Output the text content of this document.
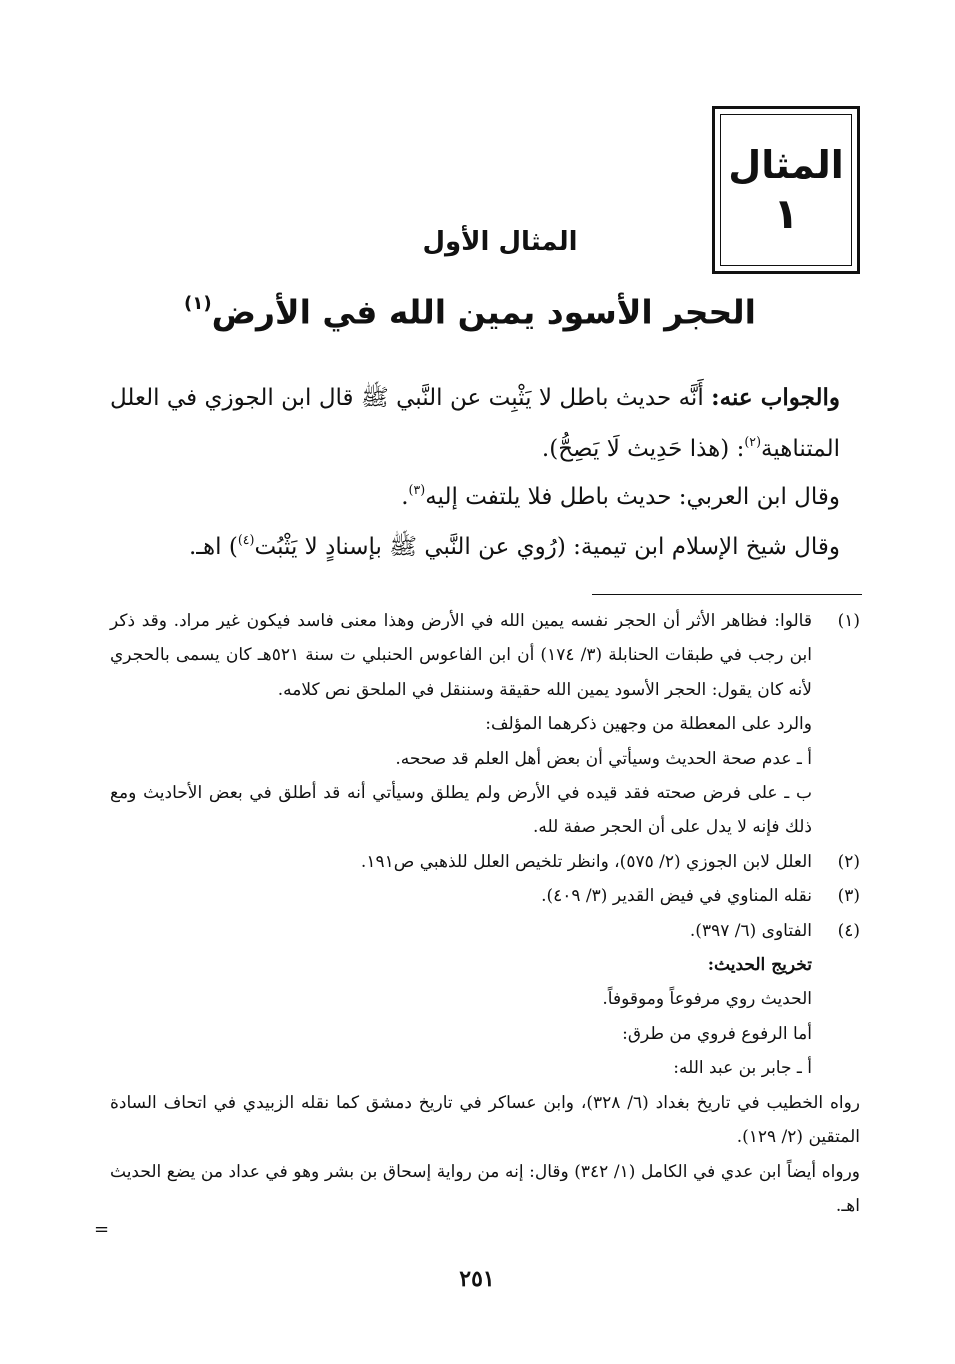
المثال
١
المثال الأول
الحجر الأسود يمين الله في الأرض$^{(١)}$
والجواب عنه: أَنَّه حديث باطل لا يَثْبِت عن النَّبي ﷺ قال ابن الجوزي في العلل المتناهية$^{(٢)}$: (هذا حَدِيث لَا يَصِحُّ).
وقال ابن العربي: حديث باطل فلا يلتفت إليه$^{(٣)}$.
وقال شيخ الإسلام ابن تيمية: (رُوي عن النَّبي ﷺ بإسنادٍ لا يَثْبُت$^{(٤)}$) اهـ.
(١)
قالوا: فظاهر الأثر أن الحجر نفسه يمين الله في الأرض وهذا معنى فاسد فيكون غير مراد. وقد ذكر ابن رجب في طبقات الحنابلة (٣/ ١٧٤) أن ابن الفاعوس الحنبلي ت سنة ٥٢١هـ كان يسمى بالحجري لأنه كان يقول: الحجر الأسود يمين الله حقيقة وسننقل في الملحق نص كلامه.
والرد على المعطلة من وجهين ذكرهما المؤلف:
أ ـ عدم صحة الحديث وسيأتي أن بعض أهل العلم قد صححه.
ب ـ على فرض صحته فقد قيده في الأرض ولم يطلق وسيأتي أنه قد أطلق في بعض الأحاديث ومع ذلك فإنه لا يدل على أن الحجر صفة لله.
(٢)
العلل لابن الجوزي (٢/ ٥٧٥)، وانظر تلخيص العلل للذهبي ص١٩١.
(٣)
نقله المناوي في فيض القدير (٣/ ٤٠٩).
(٤)
الفتاوى (٦/ ٣٩٧).
تخريج الحديث:
الحديث روي مرفوعاً وموقوفاً.
أما الرفوع فروي من طرق:
أ ـ جابر بن عبد الله:
رواه الخطيب في تاريخ بغداد (٦/ ٣٢٨)، وابن عساكر في تاريخ دمشق كما نقله الزبيدي في اتحاف السادة المتقين (٢/ ١٢٩).
ورواه أيضاً ابن عدي في الكامل (١/ ٣٤٢) وقال: إنه من رواية إسحاق بن بشر وهو في عداد من يضع الحديث اهـ.
=
٢٥١
